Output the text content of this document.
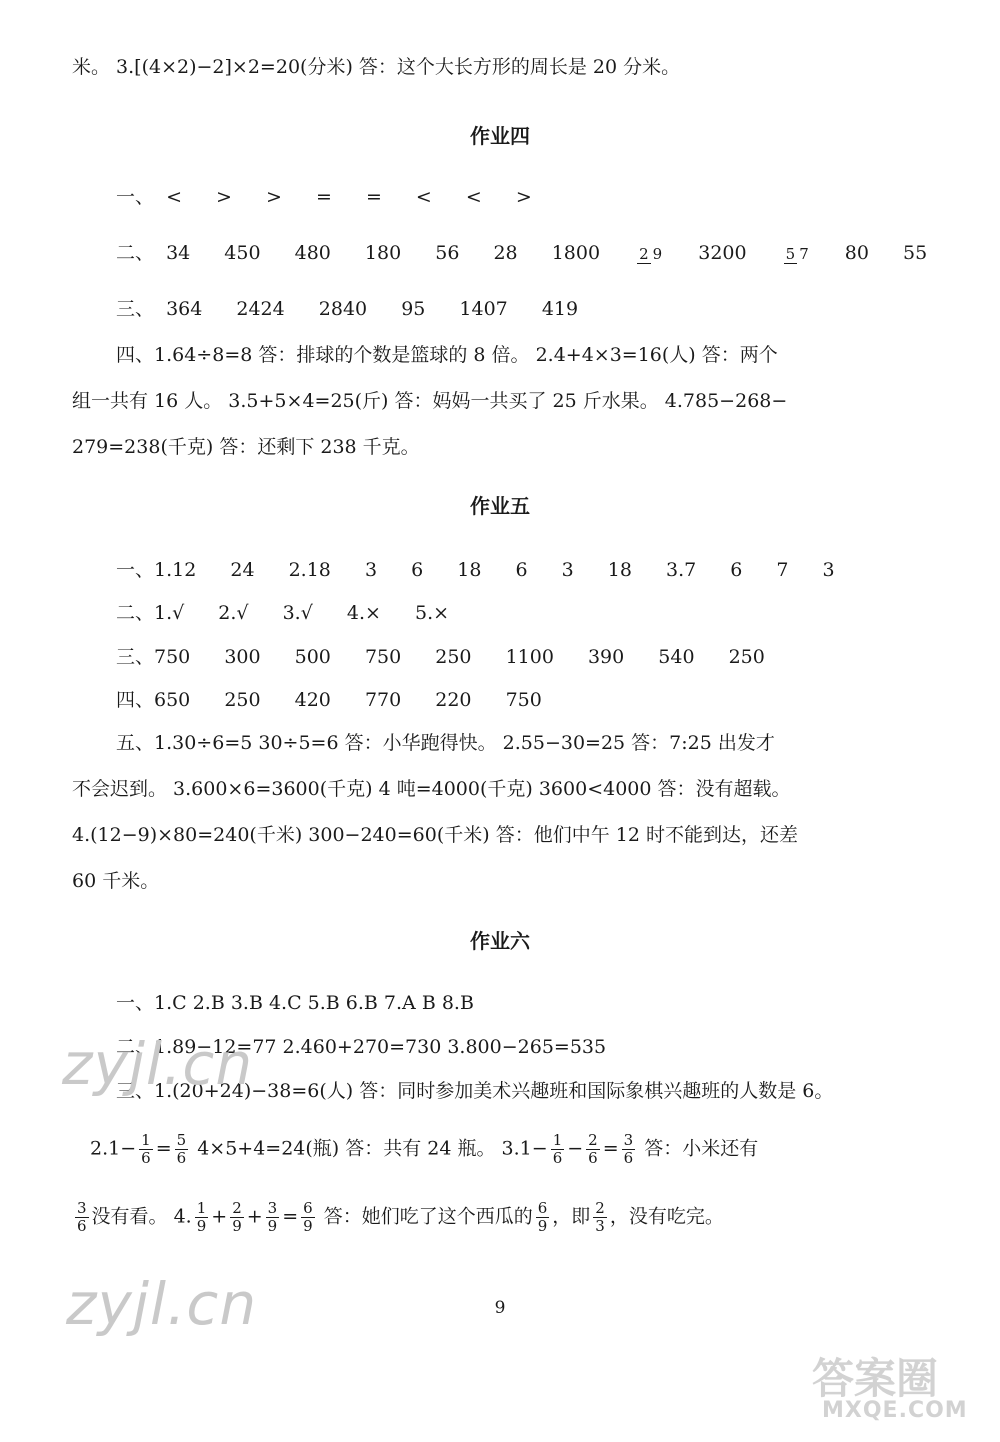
米。 3.[(4×2)−2]×2=20(分米) 答：这个大长方形的周长是 20 分米。
作业四
一、 < > > = = < < >
二、 34 450 480 180 56 28 1800	2 9 3200	5 7 80 55
三、 364 2424 2840 95 1407 419
四、1.64÷8=8 答：排球的个数是篮球的 8 倍。 2.4+4×3=16(人) 答：两个
组一共有 16 人。 3.5+5×4=25(斤) 答：妈妈一共买了 25 斤水果。 4.785−268−
279=238(千克) 答：还剩下 238 千克。
作业五
一、1.12 24 2.18 3 6 18 6 3 18 3.7 6 7 3
二、1.√ 2.√ 3.√ 4.× 5.×
三、750 300 500 750 250 1100 390 540 250
四、650 250 420 770 220 750
五、1.30÷6=5 30÷5=6 答：小华跑得快。 2.55−30=25 答：7:25 出发才
不会迟到。 3.600×6=3600(千克) 4 吨=4000(千克) 3600<4000 答：没有超载。
4.(12−9)×80=240(千米) 300−240=60(千米) 答：他们中午 12 时不能到达，还差
60 千米。
作业六
一、1.C 2.B 3.B 4.C 5.B 6.B 7.A B 8.B
二、1.89−12=77 2.460+270=730 3.800−265=535
三、1.(20+24)−38=6(人) 答：同时参加美术兴趣班和国际象棋兴趣班的人数是 6。
$2.1- \frac{1}{6} = \frac{5}{6} 4\times 5+4=24$(瓶) 答：共有 24 瓶。 $3.1- \frac{1}{6} - \frac{2}{6} = \frac{3}{6}$ 答：小米还有
$\frac{3}{6}$ 没有看。 4. $\frac{1}{9} + \frac{2}{9} + \frac{3}{9} = \frac{6}{9}$ 答：她们吃了这个西瓜的 $\frac{6}{9}$ ，即 $\frac{2}{3}$ ，没有吃完。
9
zyjl.cn
zyjl.cn
答案圈
MXQE.COM
